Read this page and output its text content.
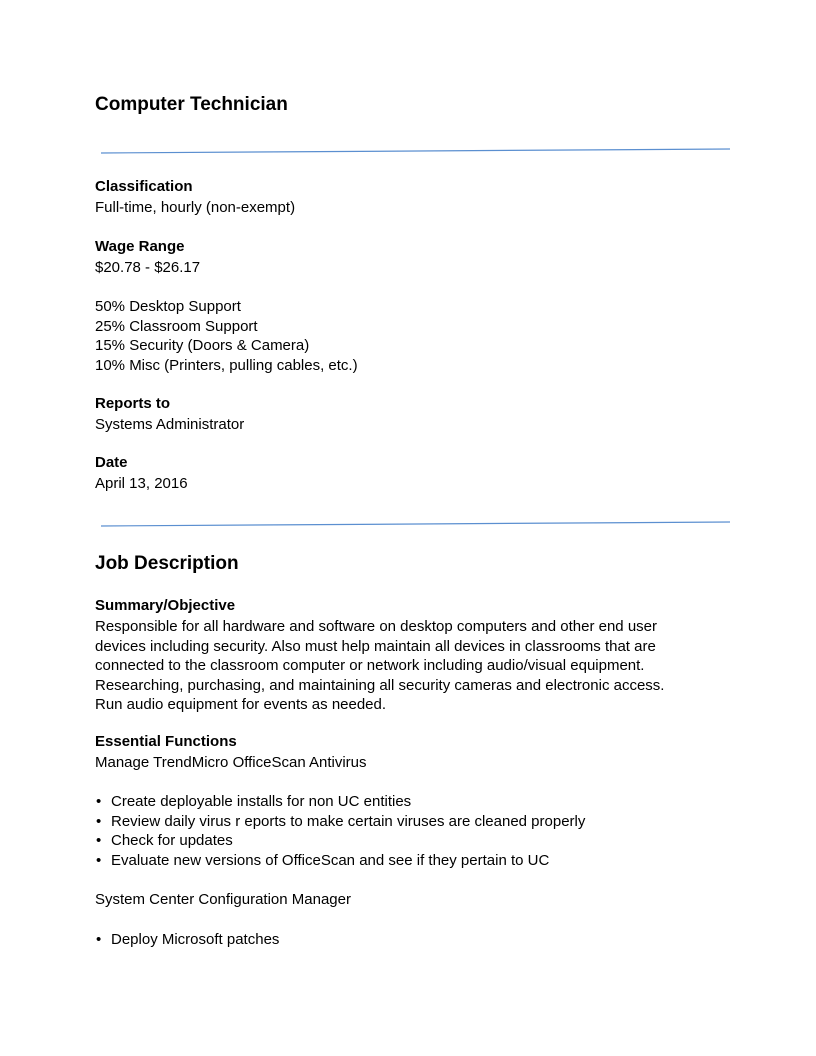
Computer Technician
Classification
Full-time, hourly (non-exempt)
Wage Range
$20.78 - $26.17
50% Desktop Support
25% Classroom Support
15% Security (Doors & Camera)
10% Misc (Printers, pulling cables, etc.)
Reports to
Systems Administrator
Date
April 13, 2016
Job Description
Summary/Objective
Responsible for all hardware and software on desktop computers and other end user
devices including security. Also must help maintain all devices in classrooms that are
connected to the classroom computer or network including audio/visual equipment.
Researching, purchasing, and maintaining all security cameras and electronic access.
Run audio equipment for events as needed.
Essential Functions
Manage TrendMicro OfficeScan Antivirus
• Create deployable installs for non UC entities
• Review daily virus r eports to make certain viruses are cleaned properly
• Check for updates
• Evaluate new versions of OfficeScan and see if they pertain to UC
System Center Configuration Manager
• Deploy Microsoft patches
